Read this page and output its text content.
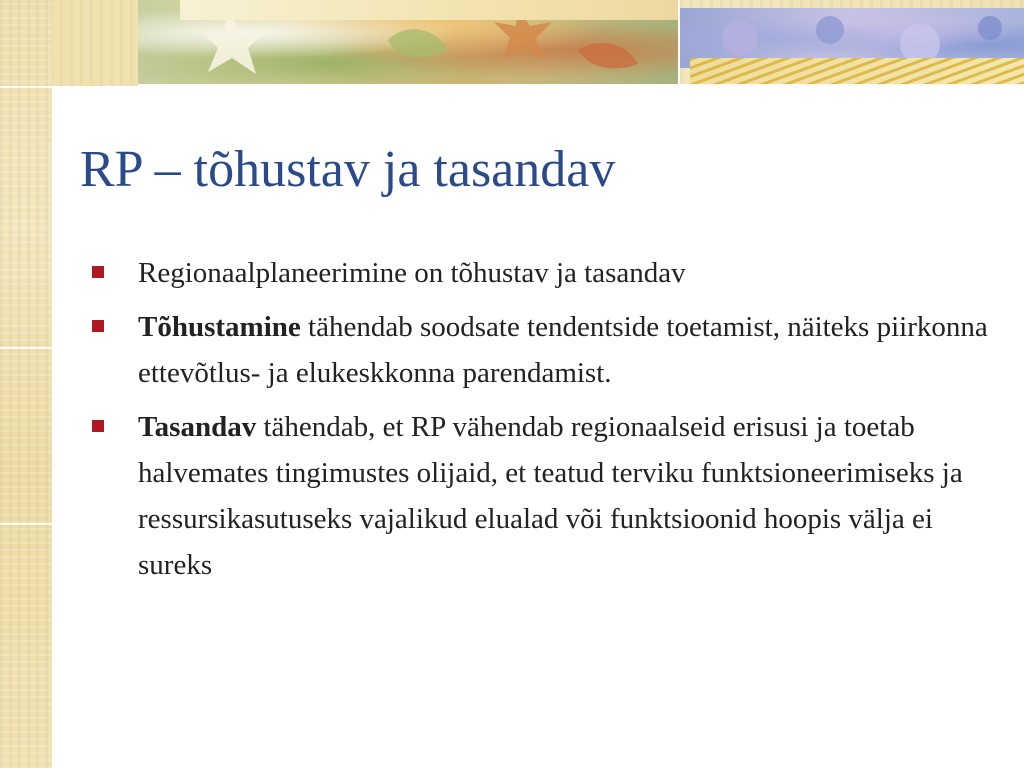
RP – tõhustav ja tasandav
Regionaalplaneerimine on tõhustav ja tasandav
Tõhustamine tähendab soodsate tendentside toetamist, näiteks piirkonna ettevõtlus- ja elukeskkonna parendamist.
Tasandav tähendab, et RP vähendab regionaalseid erisusi ja toetab halvemates tingimustes olijaid, et teatud terviku funktsioneerimiseks ja ressursikasutuseks vajalikud elualad või funktsioonid hoopis välja ei sureks
